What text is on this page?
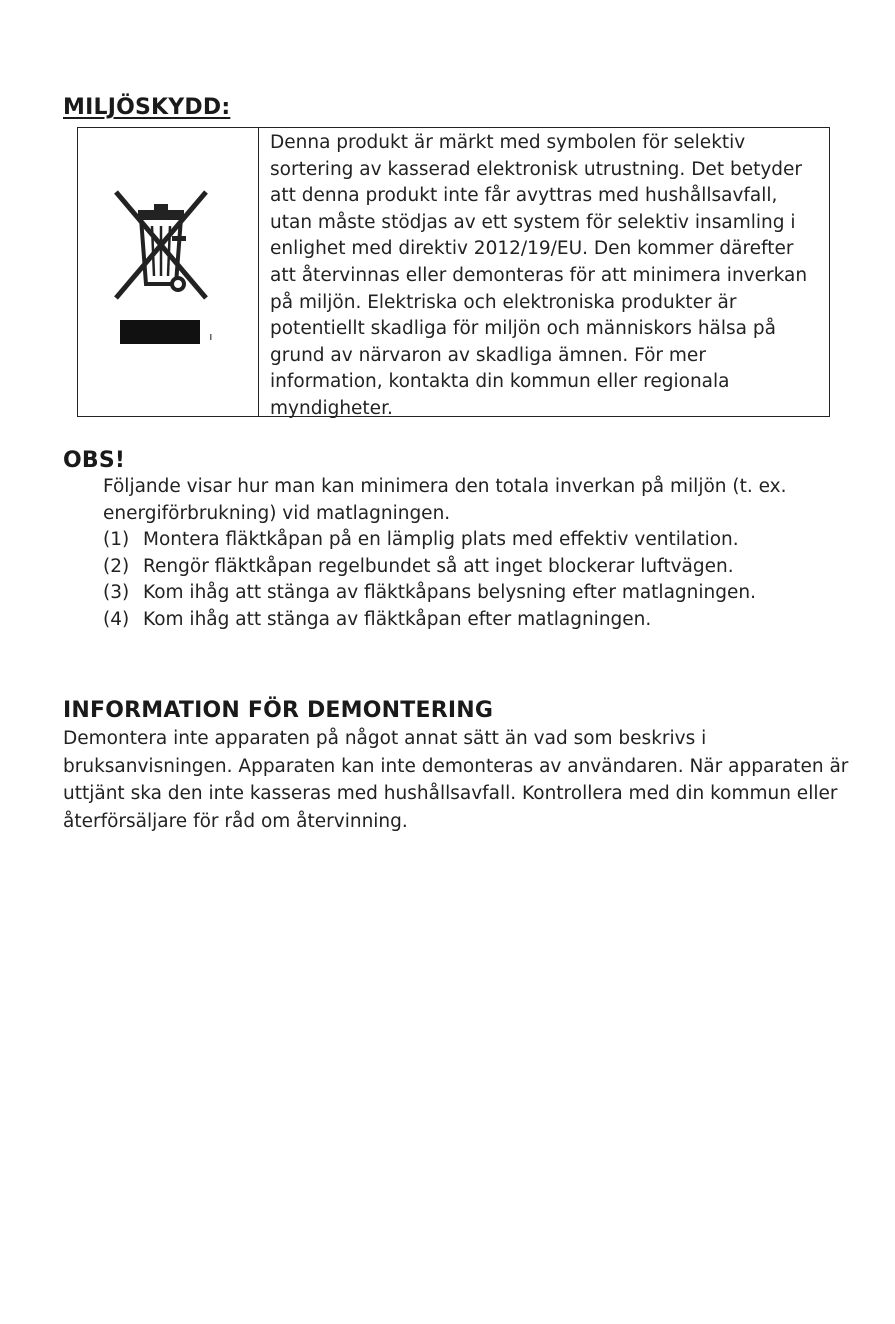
MILJÖSKYDD:

Denna produkt är märkt med symbolen för selektiv sortering av kasserad elektronisk utrustning. Det betyder att denna produkt inte får avyttras med hushållsavfall, utan måste stödjas av ett system för selektiv insamling i enlighet med direktiv 2012/19/EU. Den kommer därefter att återvinnas eller demonteras för att minimera inverkan på miljön. Elektriska och elektroniska produkter är potentiellt skadliga för miljön och människors hälsa på grund av närvaron av skadliga ämnen. För mer information, kontakta din kommun eller regionala myndigheter.

OBS!

Följande visar hur man kan minimera den totala inverkan på miljön (t. ex. energiförbrukning) vid matlagningen.

(1) Montera fläktkåpan på en lämplig plats med effektiv ventilation.
(2) Rengör fläktkåpan regelbundet så att inget blockerar luftvägen.
(3) Kom ihåg att stänga av fläktkåpans belysning efter matlagningen.
(4) Kom ihåg att stänga av fläktkåpan efter matlagningen.
INFORMATION FÖR DEMONTERING

Demontera inte apparaten på något annat sätt än vad som beskrivs i bruksanvisningen. Apparaten kan inte demonteras av användaren. När apparaten är uttjänt ska den inte kasseras med hushållsavfall. Kontrollera med din kommun eller återförsäljare för råd om återvinning.
